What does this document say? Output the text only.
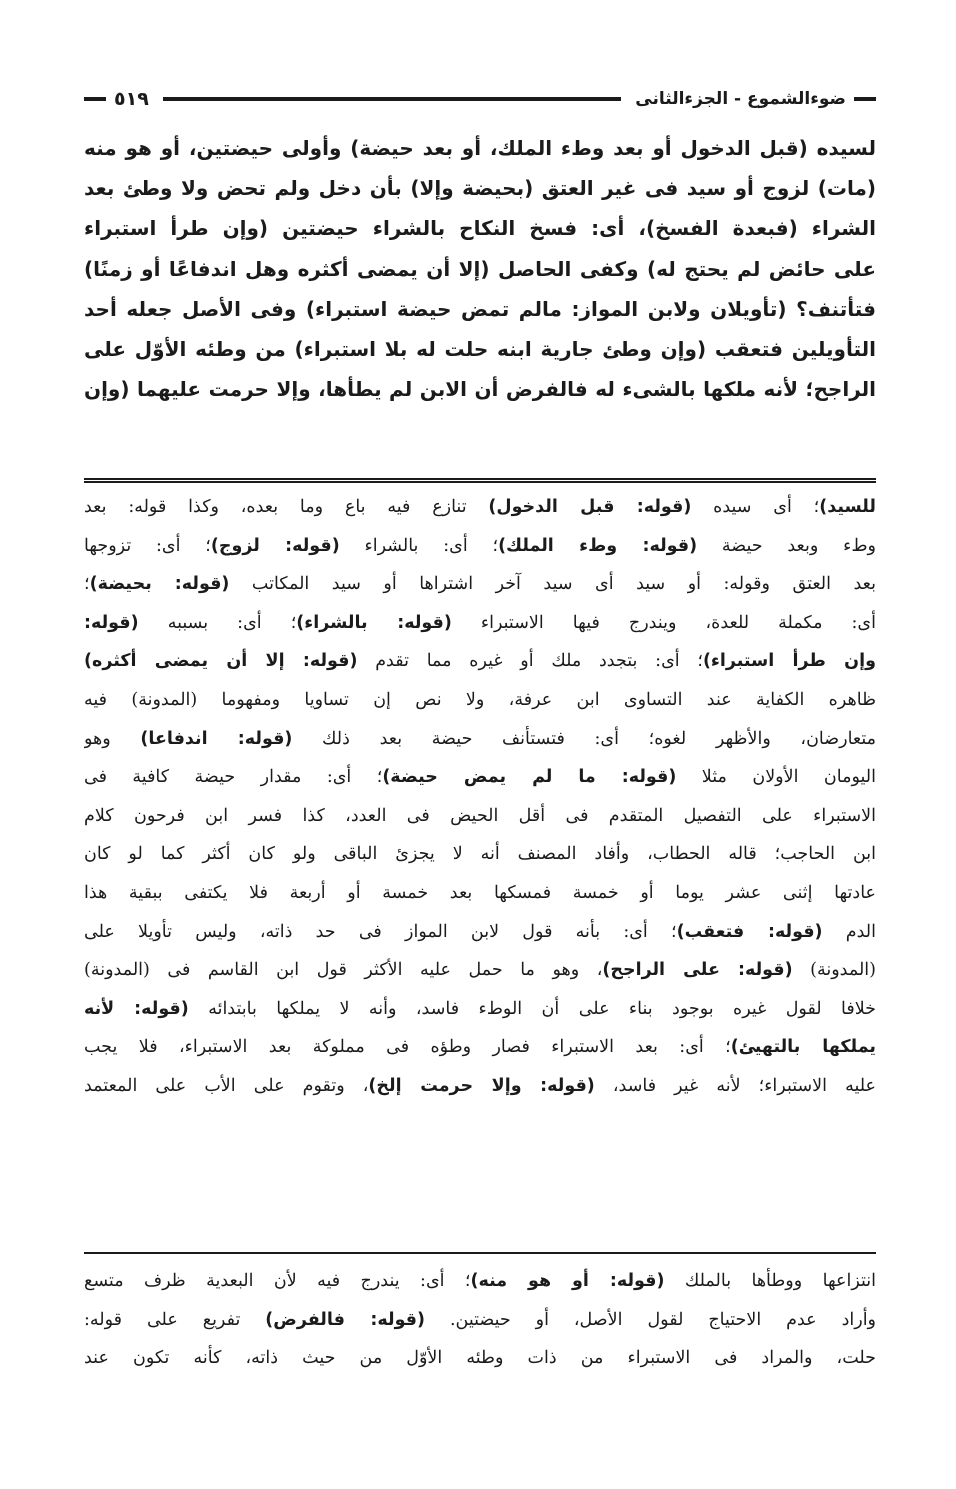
ضوءالشموع - الجزءالثانى
٥١٩
لسيده (قبل الدخول أو بعد وطء الملك، أو بعد حيضة) وأولى حيضتين، أو هو منه
(مات) لزوج أو سيد فى غير العتق (بحيضة وإلا) بأن دخل ولم تحض ولا وطئ بعد
الشراء (فبعدة الفسخ)، أى: فسخ النكاح بالشراء حيضتين (وإن طرأ استبراء
على حائض لم يحتج له) وكفى الحاصل (إلا أن يمضى أكثره وهل اندفاعًا أو زمنًا)
فتأتنف؟ (تأويلان ولابن المواز: مالم تمض حيضة استبراء) وفى الأصل جعله أحد
التأويلين فتعقب (وإن وطئ جارية ابنه حلت له بلا استبراء) من وطئه الأوّل على
الراجح؛ لأنه ملكها بالشىء له فالفرض أن الابن لم يطأها، وإلا حرمت عليهما (وإن
للسيد)؛ أى سيده (قوله: قبل الدخول) تنازع فيه باع وما بعده، وكذا قوله: بعد
وطء وبعد حيضة (قوله: وطء الملك)؛ أى: بالشراء (قوله: لزوج)؛ أى: تزوجها
بعد العتق وقوله: أو سيد أى سيد آخر اشتراها أو سيد المكاتب (قوله: بحيضة)؛
أى: مكملة للعدة، ويندرج فيها الاستبراء (قوله: بالشراء)؛ أى: بسببه (قوله:
وإن طرأ استبراء)؛ أى: بتجدد ملك أو غيره مما تقدم (قوله: إلا أن يمضى أكثره)
ظاهره الكفاية عند التساوى ابن عرفة، ولا نص إن تساويا ومفهوما (المدونة) فيه
متعارضان، والأظهر لغوه؛ أى: فتستأنف حيضة بعد ذلك (قوله: اندفاعا) وهو
اليومان الأولان مثلا (قوله: ما لم يمض حيضة)؛ أى: مقدار حيضة كافية فى
الاستبراء على التفصيل المتقدم فى أقل الحيض فى العدد، كذا فسر ابن فرحون كلام
ابن الحاجب؛ قاله الحطاب، وأفاد المصنف أنه لا يجزئ الباقى ولو كان أكثر كما لو كان
عادتها إثنى عشر يوما أو خمسة فمسكها بعد خمسة أو أربعة فلا يكتفى ببقية هذا
الدم (قوله: فتعقب)؛ أى: بأنه قول لابن المواز فى حد ذاته، وليس تأويلا على
(المدونة) (قوله: على الراجح)، وهو ما حمل عليه الأكثر قول ابن القاسم فى (المدونة)
خلافا لقول غيره بوجود بناء على أن الوطء فاسد، وأنه لا يملكها بابتدائه (قوله: لأنه
يملكها بالتهيئ)؛ أى: بعد الاستبراء فصار وطؤه فى مملوكة بعد الاستبراء، فلا يجب
عليه الاستبراء؛ لأنه غير فاسد، (قوله: وإلا حرمت إلخ)، وتقوم على الأب على المعتمد
انتزاعها ووطأها بالملك (قوله: أو هو منه)؛ أى: يندرج فيه لأن البعدية ظرف متسع
وأراد عدم الاحتياج لقول الأصل، أو حيضتين. (قوله: فالفرض) تفريع على قوله:
حلت، والمراد فى الاستبراء من ذات وطئه الأوّل من حيث ذاته، كأنه تكون عند
